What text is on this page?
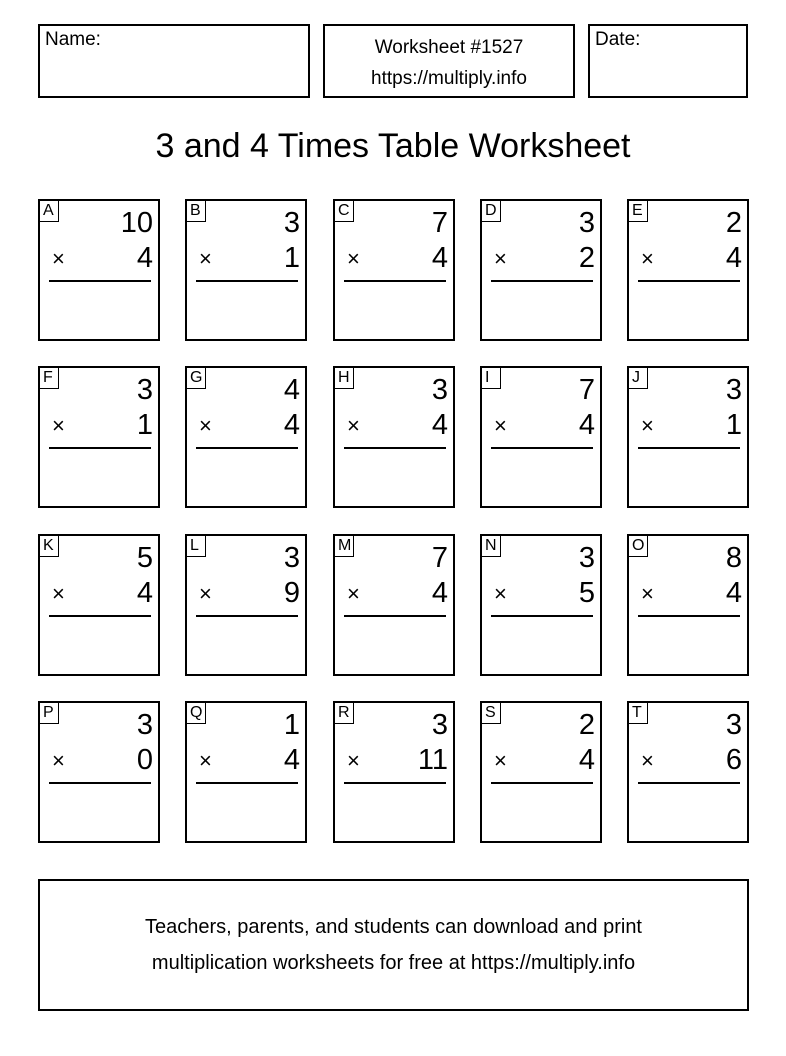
Name:	Worksheet #1527
https://multiply.info
Date:
3 and 4 Times Table Worksheet
A 10
× 4
B	3
× 1
C	7
× 4
D	3
× 2
E	2
× 4
F	3
× 1
G	4
× 4
H	3
× 4
I	7
× 4
J	3
× 1
K	5
× 4
L	3
× 9
M	7
× 4
N	3
× 5
O	8
× 4
P	3
× 0
Q	1
× 4
R	3
× 11
S	2
× 4
T	3
× 6
Teachers, parents, and students can download and print
multiplication worksheets for free at https://multiply.info
